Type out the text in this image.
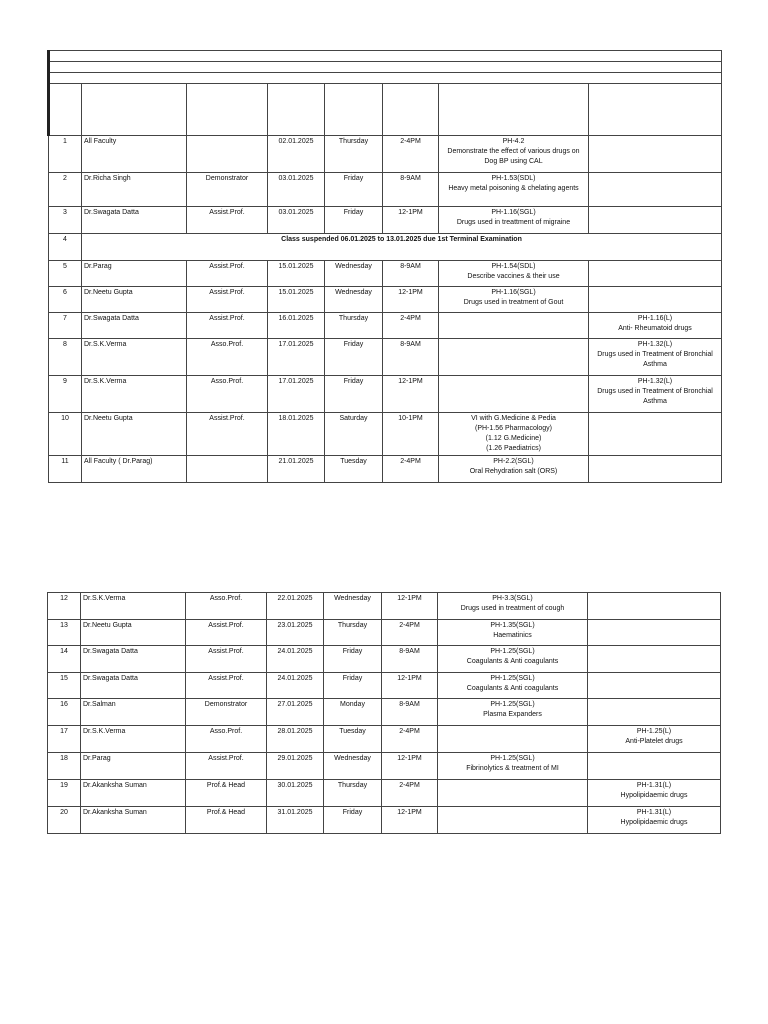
1	All Faculty		02.01.2025	Thursday	2-4PM	PH-4.2
Demonstrate the effect of various drugs on
Dog BP using CAL	

2	Dr.Richa Singh	Demonstrator	03.01.2025	Friday	8-9AM	PH-1.53(SDL)
Heavy metal poisoning & chelating agents	

3	Dr.Swagata Datta	Assist.Prof.	03.01.2025	Friday	12-1PM	PH-1.16(SGL)
Drugs used in treattment of migraine	

4	Class suspended 06.01.2025 to 13.01.2025 due 1st Terminal Examination						
5	Dr.Parag	Assist.Prof.	15.01.2025	Wednesday	8-9AM	PH-1.54(SDL)
Describe vaccines & their use	

6	Dr.Neetu Gupta	Assist.Prof.	15.01.2025	Wednesday	12-1PM	PH-1.16(SGL)
Drugs used in treatment of Gout	

7	Dr.Swagata Datta	Assist.Prof.	16.01.2025	Thursday	2-4PM		PH-1.16(L)
Anti- Rheumatoid drugs

8	Dr.S.K.Verma	Asso.Prof.	17.01.2025	Friday	8-9AM		PH-1.32(L)
Drugs used in Treatment of Bronchial
Asthma

9	Dr.S.K.Verma	Asso.Prof.	17.01.2025	Friday	12-1PM		PH-1.32(L)
Drugs used in Treatment of Bronchial
Asthma

10	Dr.Neetu Gupta	Assist.Prof.	18.01.2025	Saturday	10-1PM	VI with G.Medicine & Pedia
(PH-1.56 Pharmacology)
(1.12 G.Medicine)
(1.26 Paediatrics)	

11	All Faculty ( Dr.Parag)		21.01.2025	Tuesday	2-4PM	PH-2.2(SGL)
Oral Rehydration salt (ORS)	

12	Dr.S.K.Verma	Asso.Prof.	22.01.2025	Wednesday	12-1PM	PH-3.3(SGL)
Drugs used in treatment of cough	

13	Dr.Neetu Gupta	Assist.Prof.	23.01.2025	Thursday	2-4PM	PH-1.35(SGL)
Haematinics	

14	Dr.Swagata Datta	Assist.Prof.	24.01.2025	Friday	8-9AM	PH-1.25(SGL)
Coagulants & Anti coagulants	

15	Dr.Swagata Datta	Assist.Prof.	24.01.2025	Friday	12-1PM	PH-1.25(SGL)
Coagulants & Anti coagulants	

16	Dr.Salman	Demonstrator	27.01.2025	Monday	8-9AM	PH-1.25(SGL)
Plasma Expanders	

17	Dr.S.K.Verma	Asso.Prof.	28.01.2025	Tuesday	2-4PM		PH-1.25(L)
Anti-Platelet drugs

18	Dr.Parag	Assist.Prof.	29.01.2025	Wednesday	12-1PM	PH-1.25(SGL)
Fibrinolytics & treatment of MI	

19	Dr.Akanksha Suman	Prof.& Head	30.01.2025	Thursday	2-4PM		PH-1.31(L)
Hypolipidaemic drugs

20	Dr.Akanksha Suman	Prof.& Head	31.01.2025	Friday	12-1PM		PH-1.31(L)
Hypolipidaemic drugs
